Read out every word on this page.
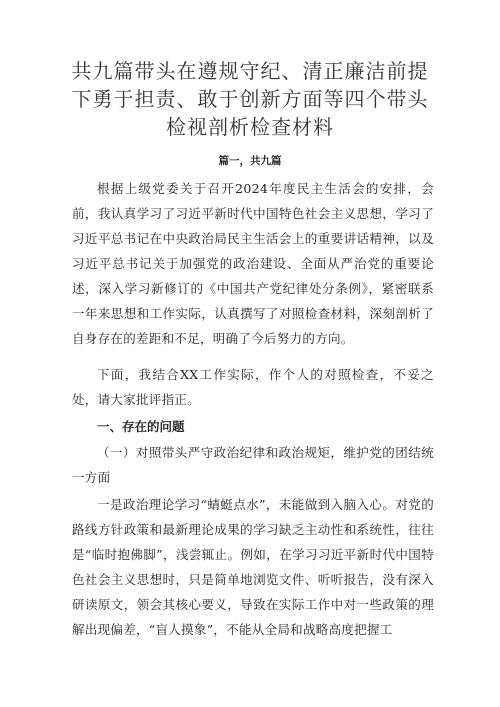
共九篇带头在遵规守纪、清正廉洁前提下勇于担责、敢于创新方面等四个带头检视剖析检查材料
篇一，共九篇

根据上级党委关于召开2024年度民主生活会的安排，会前，我认真学习了习近平新时代中国特色社会主义思想，学习了习近平总书记在中央政治局民主生活会上的重要讲话精神，以及习近平总书记关于加强党的政治建设、全面从严治党的重要论述，深入学习新修订的《中国共产党纪律处分条例》，紧密联系一年来思想和工作实际，认真撰写了对照检查材料，深刻剖析了自身存在的差距和不足，明确了今后努力的方向。

下面，我结合XX工作实际，作个人的对照检查，不妥之处，请大家批评指正。

一、存在的问题

（一）对照带头严守政治纪律和政治规矩，维护党的团结统一方面

一是政治理论学习“蜻蜓点水”，未能做到入脑入心。对党的路线方针政策和最新理论成果的学习缺乏主动性和系统性，往往是“临时抱佛脚”，浅尝辄止。例如，在学习习近平新时代中国特色社会主义思想时，只是简单地浏览文件、听听报告，没有深入研读原文，领会其核心要义，导致在实际工作中对一些政策的理解出现偏差，“盲人摸象”，不能从全局和战略高度把握工
